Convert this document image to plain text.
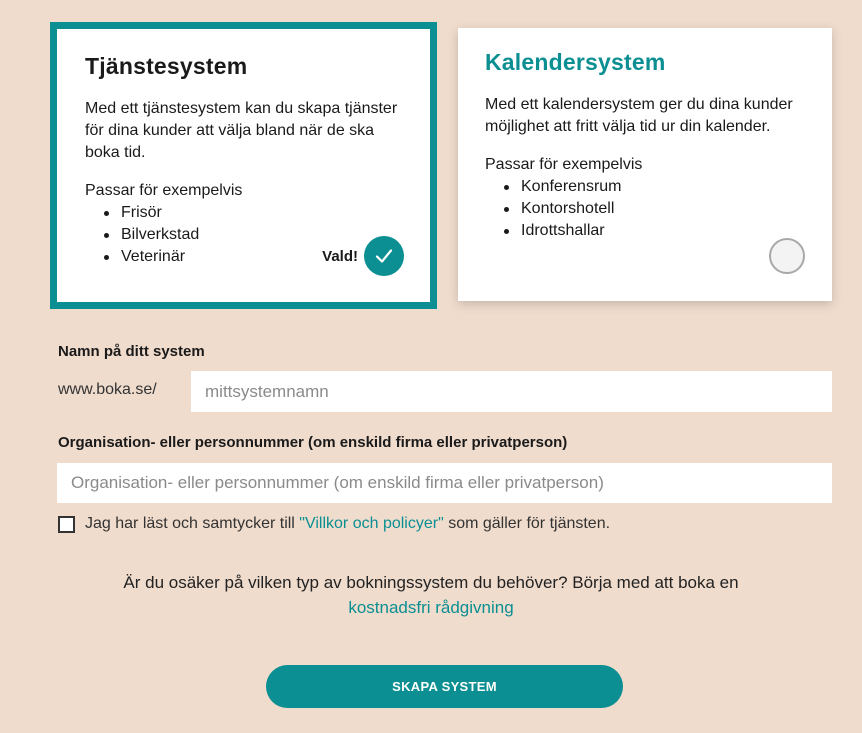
Tjänstesystem

Med ett tjänstesystem kan du skapa tjänster för dina kunder att välja bland när de ska boka tid.

Passar för exempelvis

Frisör
Bilverkstad
Veterinär	Vald!
Kalendersystem

Med ett kalendersystem ger du dina kunder möjlighet att fritt välja tid ur din kalender.

Passar för exempelvis

Konferensrum
Kontorshotell
Idrottshallar
Namn på ditt system
www.boka.se/
mittsystemnamn
Organisation- eller personnummer (om enskild firma eller privatperson)
Organisation- eller personnummer (om enskild firma eller privatperson)
Jag har läst och samtycker till "Villkor och policyer" som gäller för tjänsten.
Är du osäker på vilken typ av bokningssystem du behöver? Börja med att boka en
kostnadsfri rådgivning
SKAPA SYSTEM
